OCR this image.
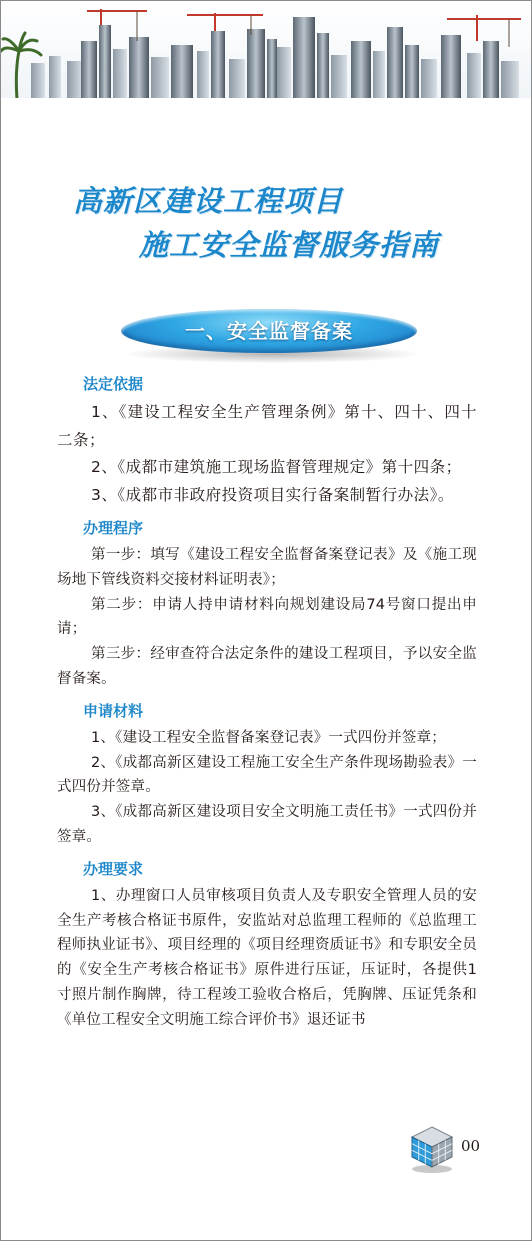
高新区建设工程项目
施工安全监督服务指南
一、安全监督备案
法定依据

1、《建设工程安全生产管理条例》第十、四十、四十二条；

2、《成都市建筑施工现场监督管理规定》第十四条；

3、《成都市非政府投资项目实行备案制暂行办法》。

办理程序

第一步：填写《建设工程安全监督备案登记表》及《施工现场地下管线资料交接材料证明表》；

第二步：申请人持申请材料向规划建设局74号窗口提出申请；

第三步：经审查符合法定条件的建设工程项目，予以安全监督备案。

申请材料

1、《建设工程安全监督备案登记表》一式四份并签章；

2、《成都高新区建设工程施工安全生产条件现场勘验表》一式四份并签章。

3、《成都高新区建设项目安全文明施工责任书》一式四份并签章。

办理要求

1、办理窗口人员审核项目负责人及专职安全管理人员的安全生产考核合格证书原件，安监站对总监理工程师的《总监理工程师执业证书》、项目经理的《项目经理资质证书》和专职安全员的《安全生产考核合格证书》原件进行压证，压证时，各提供1寸照片制作胸牌，待工程竣工验收合格后，凭胸牌、压证凭条和《单位工程安全文明施工综合评价书》退还证书

00
